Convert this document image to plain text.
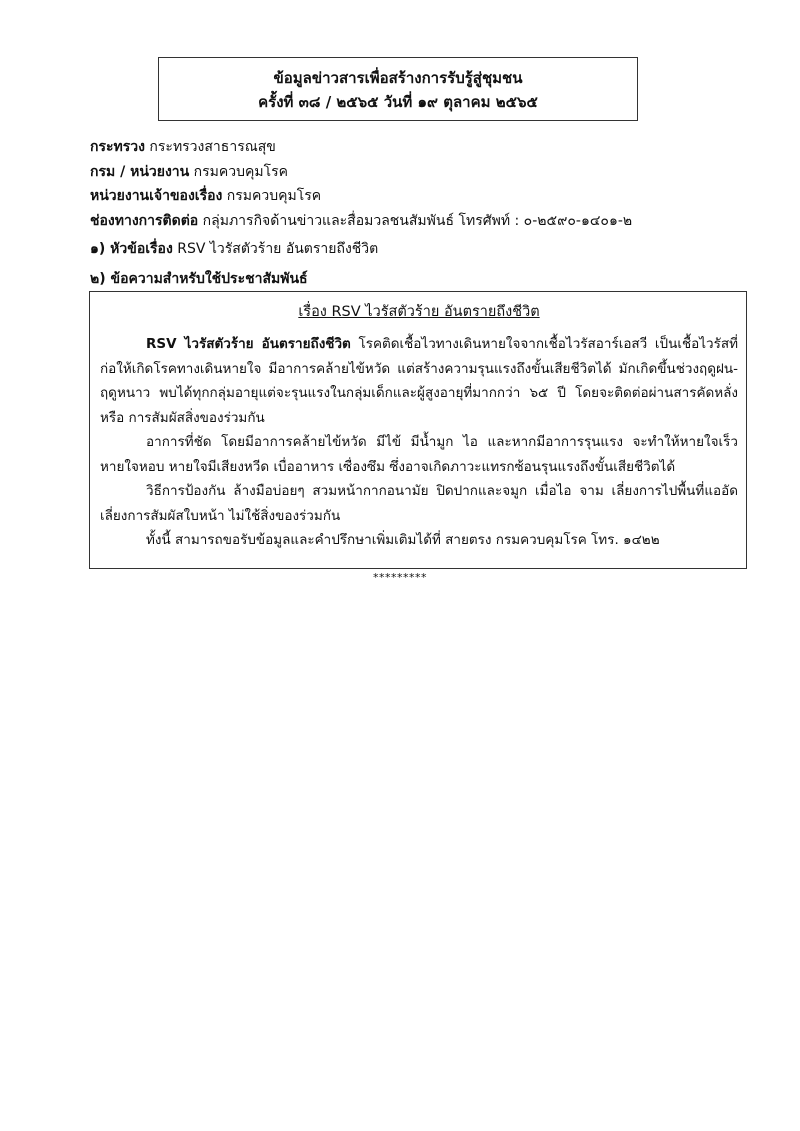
ข้อมูลข่าวสารเพื่อสร้างการรับรู้สู่ชุมชน
ครั้งที่ ๓๘ / ๒๕๖๕ วันที่ ๑๙ ตุลาคม ๒๕๖๕
กระทรวง กระทรวงสาธารณสุข
กรม / หน่วยงาน กรมควบคุมโรค
หน่วยงานเจ้าของเรื่อง กรมควบคุมโรค
ช่องทางการติดต่อ กลุ่มภารกิจด้านข่าวและสื่อมวลชนสัมพันธ์ โทรศัพท์ : ๐-๒๕๙๐-๑๔๐๑-๒
๑) หัวข้อเรื่อง RSV ไวรัสตัวร้าย อันตรายถึงชีวิต
๒) ข้อความสำหรับใช้ประชาสัมพันธ์
เรื่อง RSV ไวรัสตัวร้าย อันตรายถึงชีวิต

RSV ไวรัสตัวร้าย อันตรายถึงชีวิต โรคติดเชื้อไวทางเดินหายใจจากเชื้อไวรัสอาร์เอสวี เป็นเชื้อไวรัสที่ก่อให้เกิดโรคทางเดินหายใจ มีอาการคล้ายไข้หวัด แต่สร้างความรุนแรงถึงขั้นเสียชีวิตได้ มักเกิดขึ้นช่วงฤดูฝน-ฤดูหนาว พบได้ทุกกลุ่มอายุแต่จะรุนแรงในกลุ่มเด็กและผู้สูงอายุที่มากกว่า ๖๕ ปี โดยจะติดต่อผ่านสารคัดหลั่ง หรือ การสัมผัสสิ่งของร่วมกัน

อาการที่ชัด โดยมีอาการคล้ายไข้หวัด มีไข้ มีน้ำมูก ไอ และหากมีอาการรุนแรง จะทำให้หายใจเร็ว หายใจหอบ หายใจมีเสียงหวีด เบื่ออาหาร เซื่องซึม ซึ่งอาจเกิดภาวะแทรกซ้อนรุนแรงถึงขั้นเสียชีวิตได้

วิธีการป้องกัน ล้างมือบ่อยๆ สวมหน้ากากอนามัย ปิดปากและจมูก เมื่อไอ จาม เลี่ยงการไปพื้นที่แออัด เลี่ยงการสัมผัสใบหน้า ไม่ใช้สิ่งของร่วมกัน

ทั้งนี้ สามารถขอรับข้อมูลและคำปรึกษาเพิ่มเติมได้ที่ สายตรง กรมควบคุมโรค โทร. ๑๔๒๒

*********
